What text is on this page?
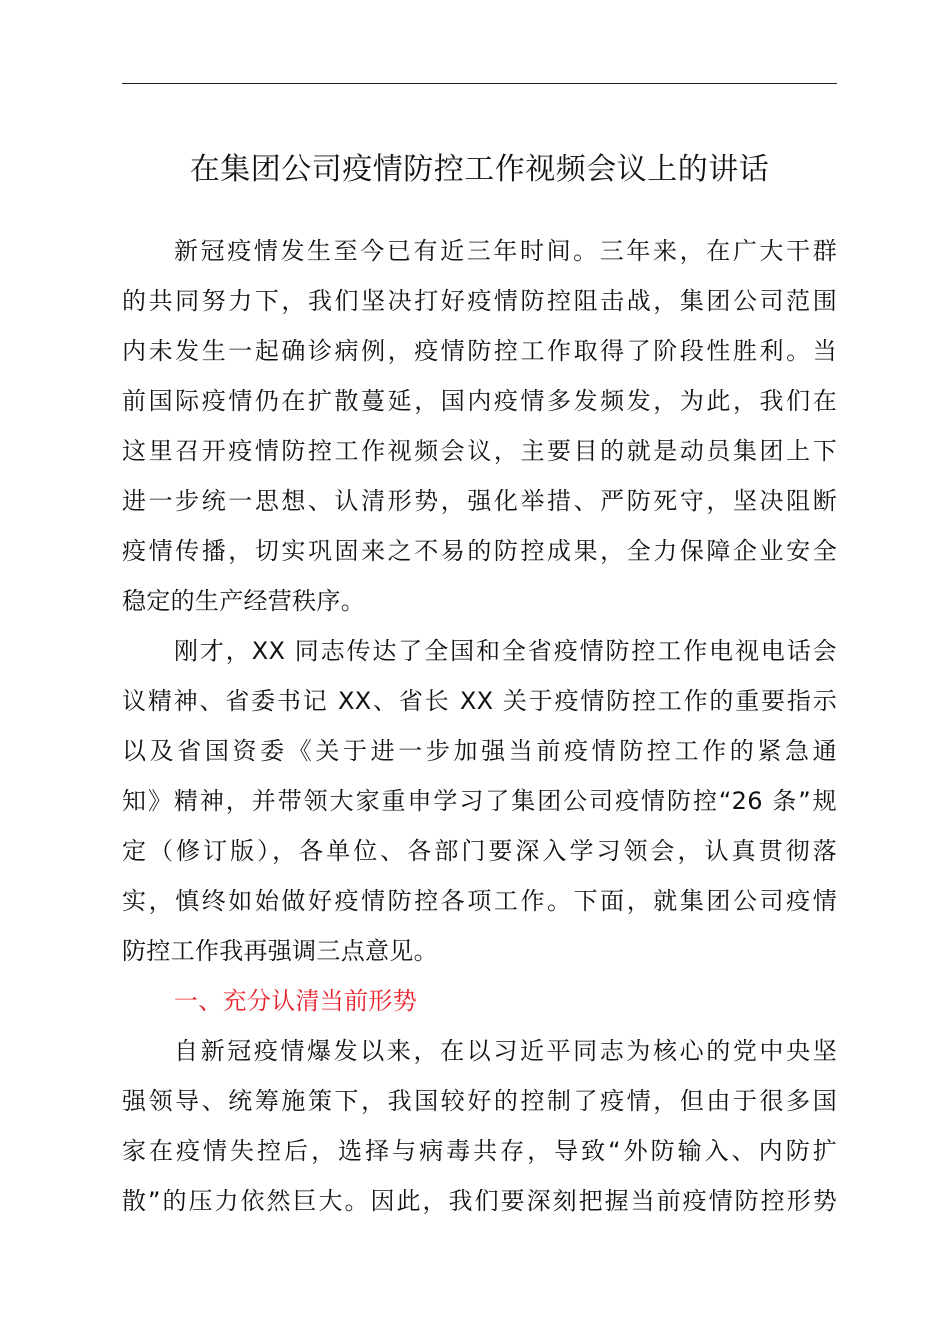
在集团公司疫情防控工作视频会议上的讲话
新冠疫情发生至今已有近三年时间。三年来，在广大干群
的共同努力下，我们坚决打好疫情防控阻击战，集团公司范围
内未发生一起确诊病例，疫情防控工作取得了阶段性胜利。当
前国际疫情仍在扩散蔓延，国内疫情多发频发，为此，我们在
这里召开疫情防控工作视频会议，主要目的就是动员集团上下
进一步统一思想、认清形势，强化举措、严防死守，坚决阻断
疫情传播，切实巩固来之不易的防控成果，全力保障企业安全
稳定的生产经营秩序。
刚才，XX 同志传达了全国和全省疫情防控工作电视电话会
议精神、省委书记 XX、省长 XX 关于疫情防控工作的重要指示
以及省国资委《关于进一步加强当前疫情防控工作的紧急通
知》精神，并带领大家重申学习了集团公司疫情防控“26 条”规
定（修订版），各单位、各部门要深入学习领会，认真贯彻落
实，慎终如始做好疫情防控各项工作。下面，就集团公司疫情
防控工作我再强调三点意见。
一、充分认清当前形势
自新冠疫情爆发以来，在以习近平同志为核心的党中央坚
强领导、统筹施策下，我国较好的控制了疫情，但由于很多国
家在疫情失控后，选择与病毒共存，导致“外防输入、内防扩
散”的压力依然巨大。因此，我们要深刻把握当前疫情防控形势
